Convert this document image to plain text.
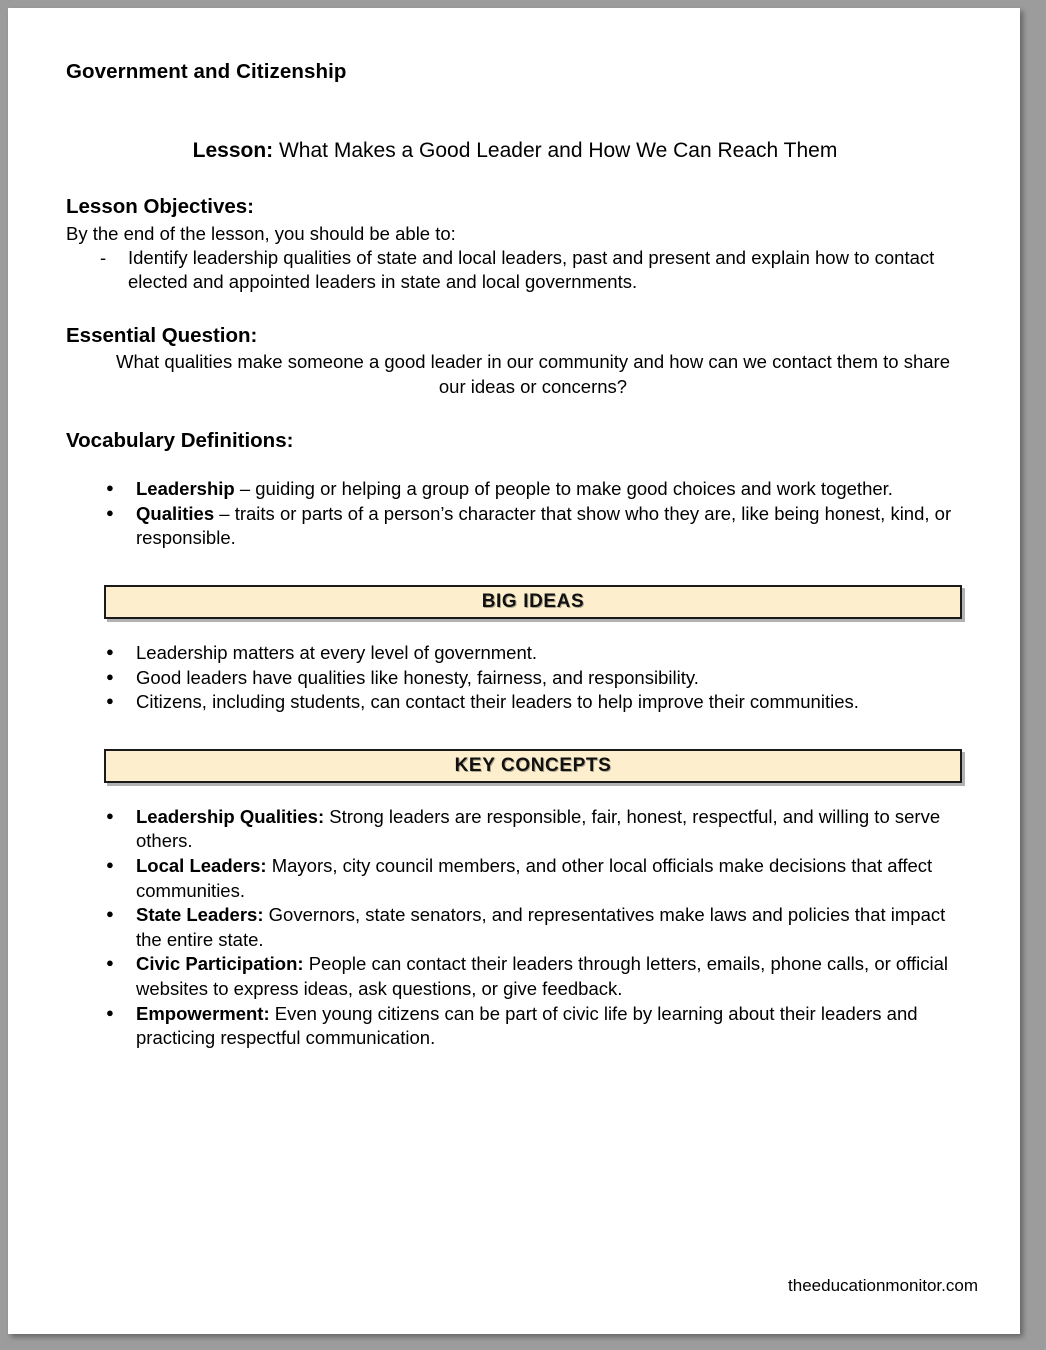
Government and Citizenship
Lesson: What Makes a Good Leader and How We Can Reach Them
Lesson Objectives:
By the end of the lesson, you should be able to:
- Identify leadership qualities of state and local leaders, past and present and explain how to contact elected and appointed leaders in state and local governments.
Essential Question:
What qualities make someone a good leader in our community and how can we contact them to share our ideas or concerns?
Vocabulary Definitions:
● Leadership – guiding or helping a group of people to make good choices and work together.
● Qualities – traits or parts of a person’s character that show who they are, like being honest, kind, or responsible.
BIG IDEAS
● Leadership matters at every level of government.
● Good leaders have qualities like honesty, fairness, and responsibility.
● Citizens, including students, can contact their leaders to help improve their communities.
KEY CONCEPTS
● Leadership Qualities: Strong leaders are responsible, fair, honest, respectful, and willing to serve others.
● Local Leaders: Mayors, city council members, and other local officials make decisions that affect communities.
● State Leaders: Governors, state senators, and representatives make laws and policies that impact the entire state.
● Civic Participation: People can contact their leaders through letters, emails, phone calls, or official websites to express ideas, ask questions, or give feedback.
● Empowerment: Even young citizens can be part of civic life by learning about their leaders and practicing respectful communication.
theeducationmonitor.com
